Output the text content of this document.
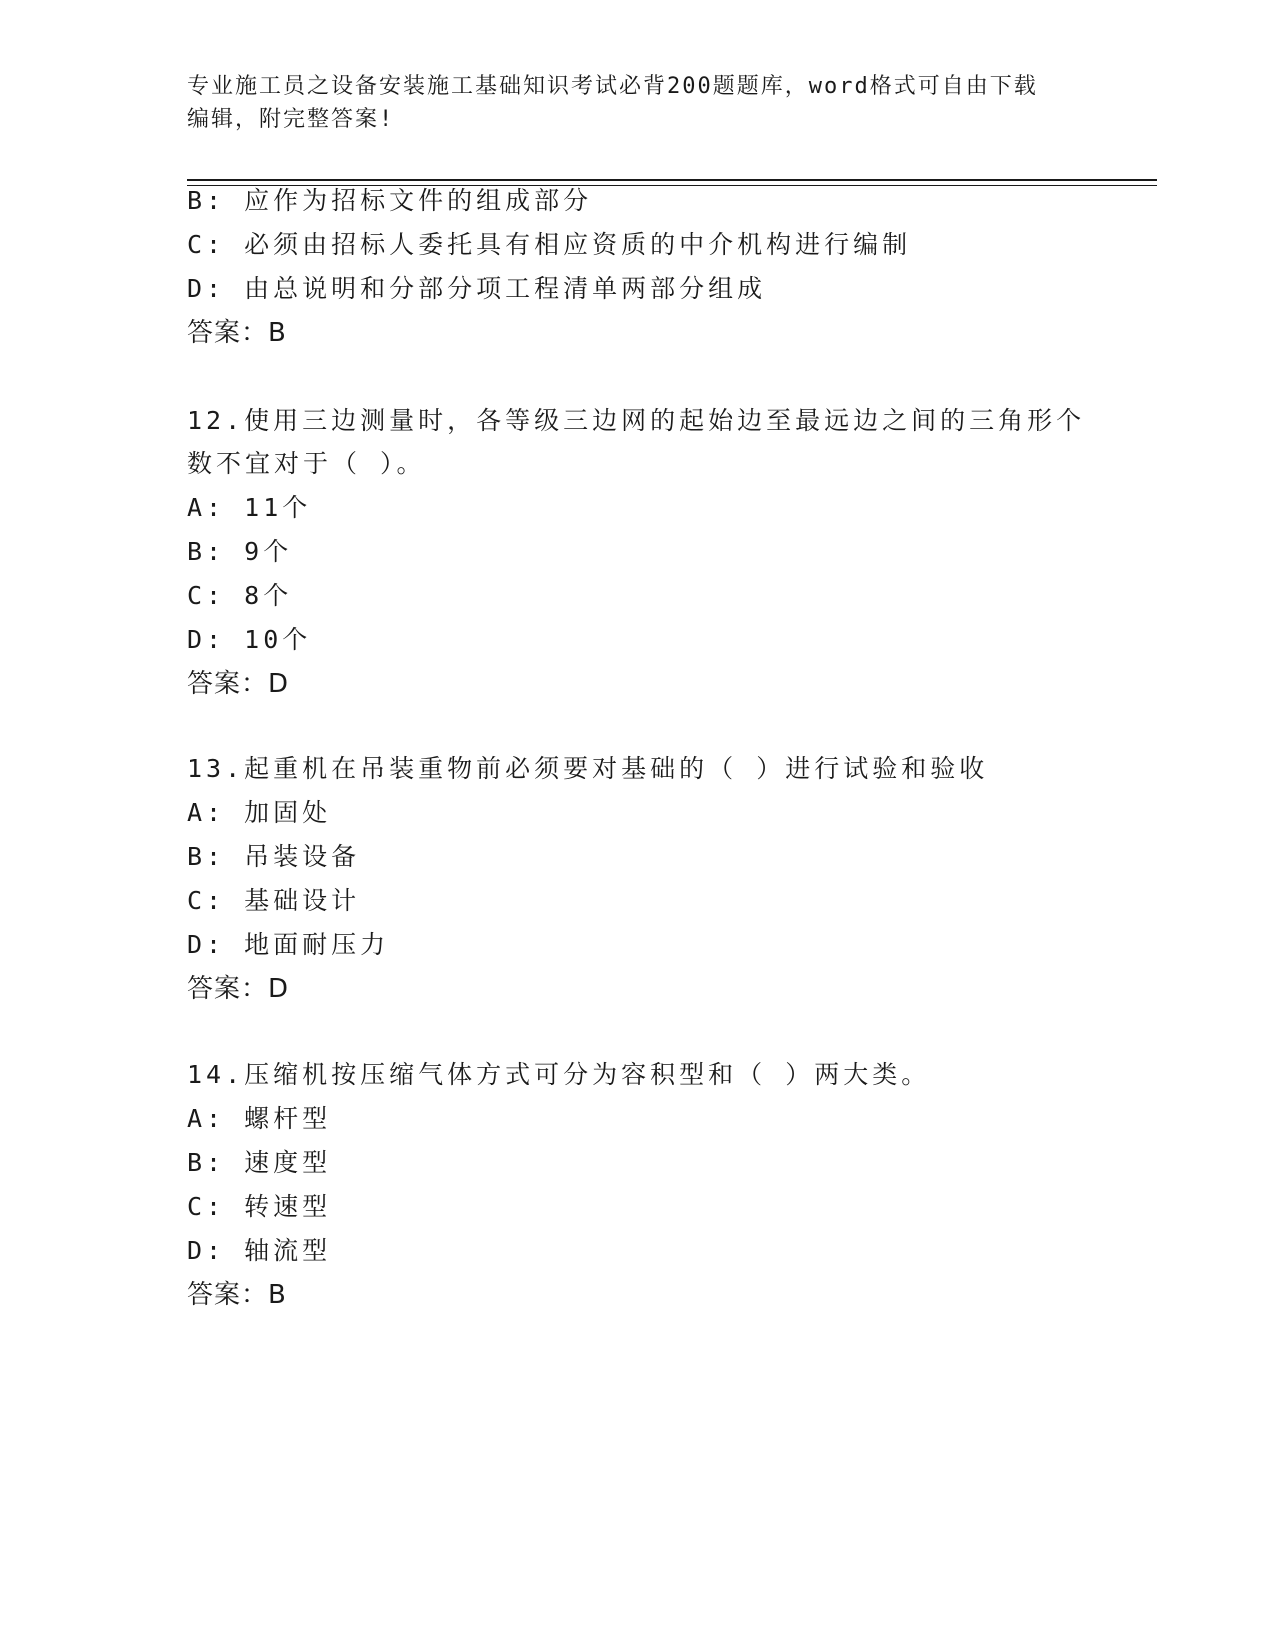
专业施工员之设备安装施工基础知识考试必背200题题库，word格式可自由下载
编辑，附完整答案!
B: 应作为招标文件的组成部分
C: 必须由招标人委托具有相应资质的中介机构进行编制
D: 由总说明和分部分项工程清单两部分组成
答案：B
12.使用三边测量时，各等级三边网的起始边至最远边之间的三角形个
数不宜对于（ ）。
A: 11个
B: 9个
C: 8个
D: 10个
答案：D
13.起重机在吊装重物前必须要对基础的（ ）进行试验和验收
A: 加固处
B: 吊装设备
C: 基础设计
D: 地面耐压力
答案：D
14.压缩机按压缩气体方式可分为容积型和（ ）两大类。
A: 螺杆型
B: 速度型
C: 转速型
D: 轴流型
答案：B
